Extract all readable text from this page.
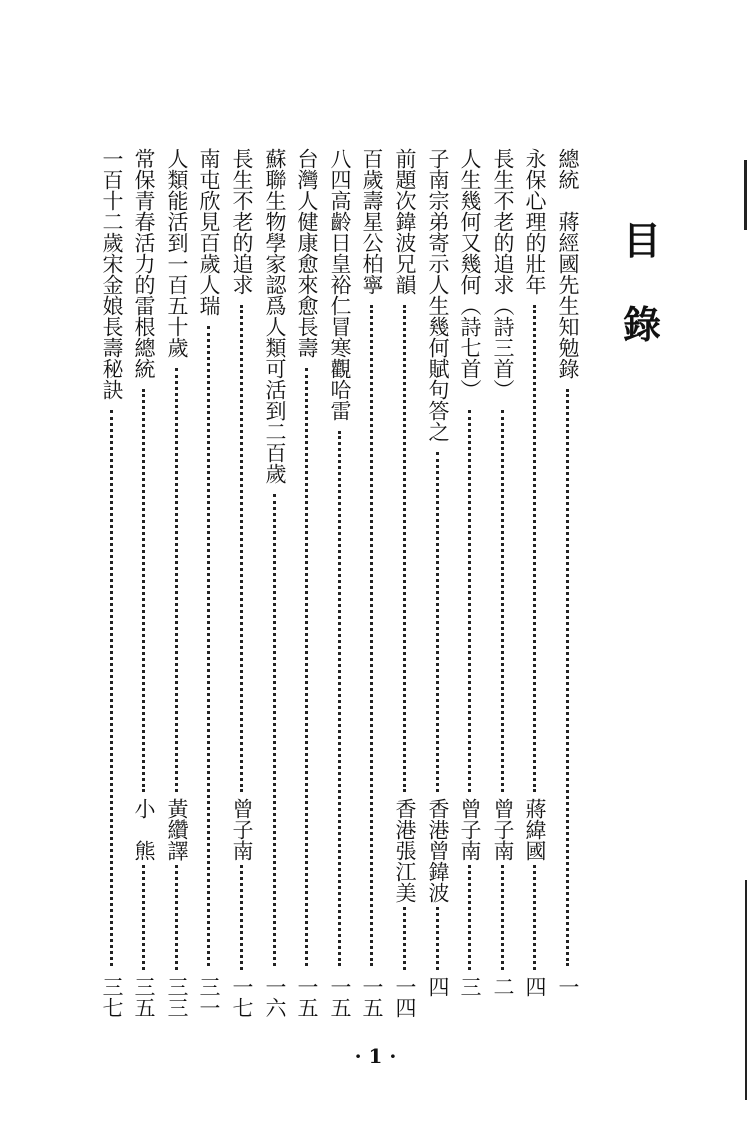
目
錄
總統　蔣經國先生知勉錄
一
永保心理的壯年
蔣緯國
四
長生不老的追求（詩三首）
曾子南
二
人生幾何又幾何（詩七首）
曾子南
三
子南宗弟寄示人生幾何賦句答之
香港曾鍏波
四
前題次鍏波兄韻
香港張江美
一四
百歲壽星公柏寧
一五
八四高齡日皇裕仁冒寒觀哈雷
一五
台灣人健康愈來愈長壽
一五
蘇聯生物學家認爲人類可活到二百歲
一六
長生不老的追求
曾子南
一七
南屯欣見百歲人瑞
三一
人類能活到一百五十歲
黃纘譯
三三
常保青春活力的雷根總統
小　熊
三五
一百十二歲宋金娘長壽秘訣
三七
· 1 ·
